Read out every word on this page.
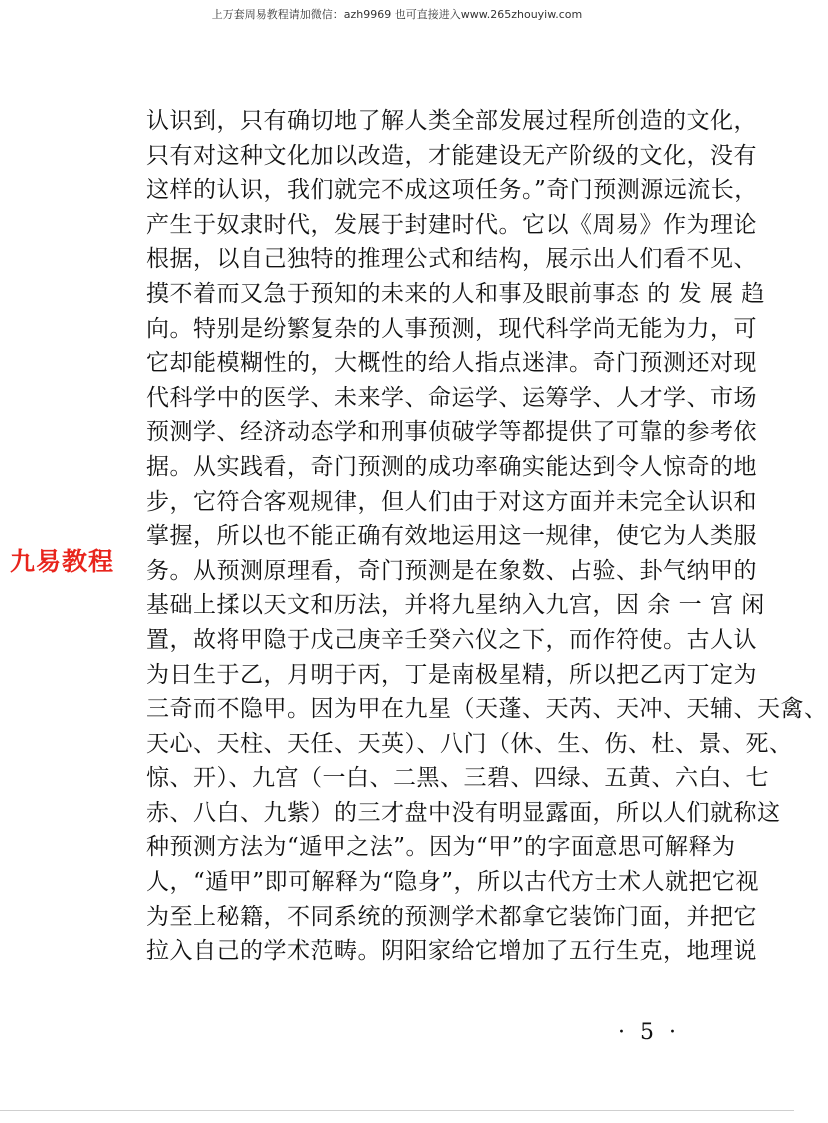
上万套周易教程请加微信：azh9969 也可直接进入www.265zhouyiw.com
认识到，只有确切地了解人类全部发展过程所创造的文化，
只有对这种文化加以改造，才能建设无产阶级的文化，没有
这样的认识，我们就完不成这项任务。”奇门预测源远流长，
产生于奴隶时代，发展于封建时代。它以《周易》作为理论
根据，以自己独特的推理公式和结构，展示出人们看不见、
摸不着而又急于预知的未来的人和事及眼前事态 的 发 展 趋
向。特别是纷繁复杂的人事预测，现代科学尚无能为力，可
它却能模糊性的，大概性的给人指点迷津。奇门预测还对现
代科学中的医学、未来学、命运学、运筹学、人才学、市场
预测学、经济动态学和刑事侦破学等都提供了可靠的参考依
据。从实践看，奇门预测的成功率确实能达到令人惊奇的地
步，它符合客观规律，但人们由于对这方面并未完全认识和
掌握，所以也不能正确有效地运用这一规律，使它为人类服
务。从预测原理看，奇门预测是在象数、占验、卦气纳甲的
基础上揉以天文和历法，并将九星纳入九宫，因 余 一 宫 闲
置，故将甲隐于戊己庚辛壬癸六仪之下，而作符使。古人认
为日生于乙，月明于丙，丁是南极星精，所以把乙丙丁定为
三奇而不隐甲。因为甲在九星（天蓬、天芮、天冲、天辅、天禽、
天心、天柱、天任、天英）、八门（休、生、伤、杜、景、死、
惊、开）、九宫（一白、二黑、三碧、四绿、五黄、六白、七
赤、八白、九紫）的三才盘中没有明显露面，所以人们就称这
种预测方法为“遁甲之法”。因为“甲”的字面意思可解释为
人，“遁甲”即可解释为“隐身”，所以古代方士术人就把它视
为至上秘籍，不同系统的预测学术都拿它装饰门面，并把它
拉入自己的学术范畴。阴阳家给它增加了五行生克，地理说
九易教程
· 5 ·
